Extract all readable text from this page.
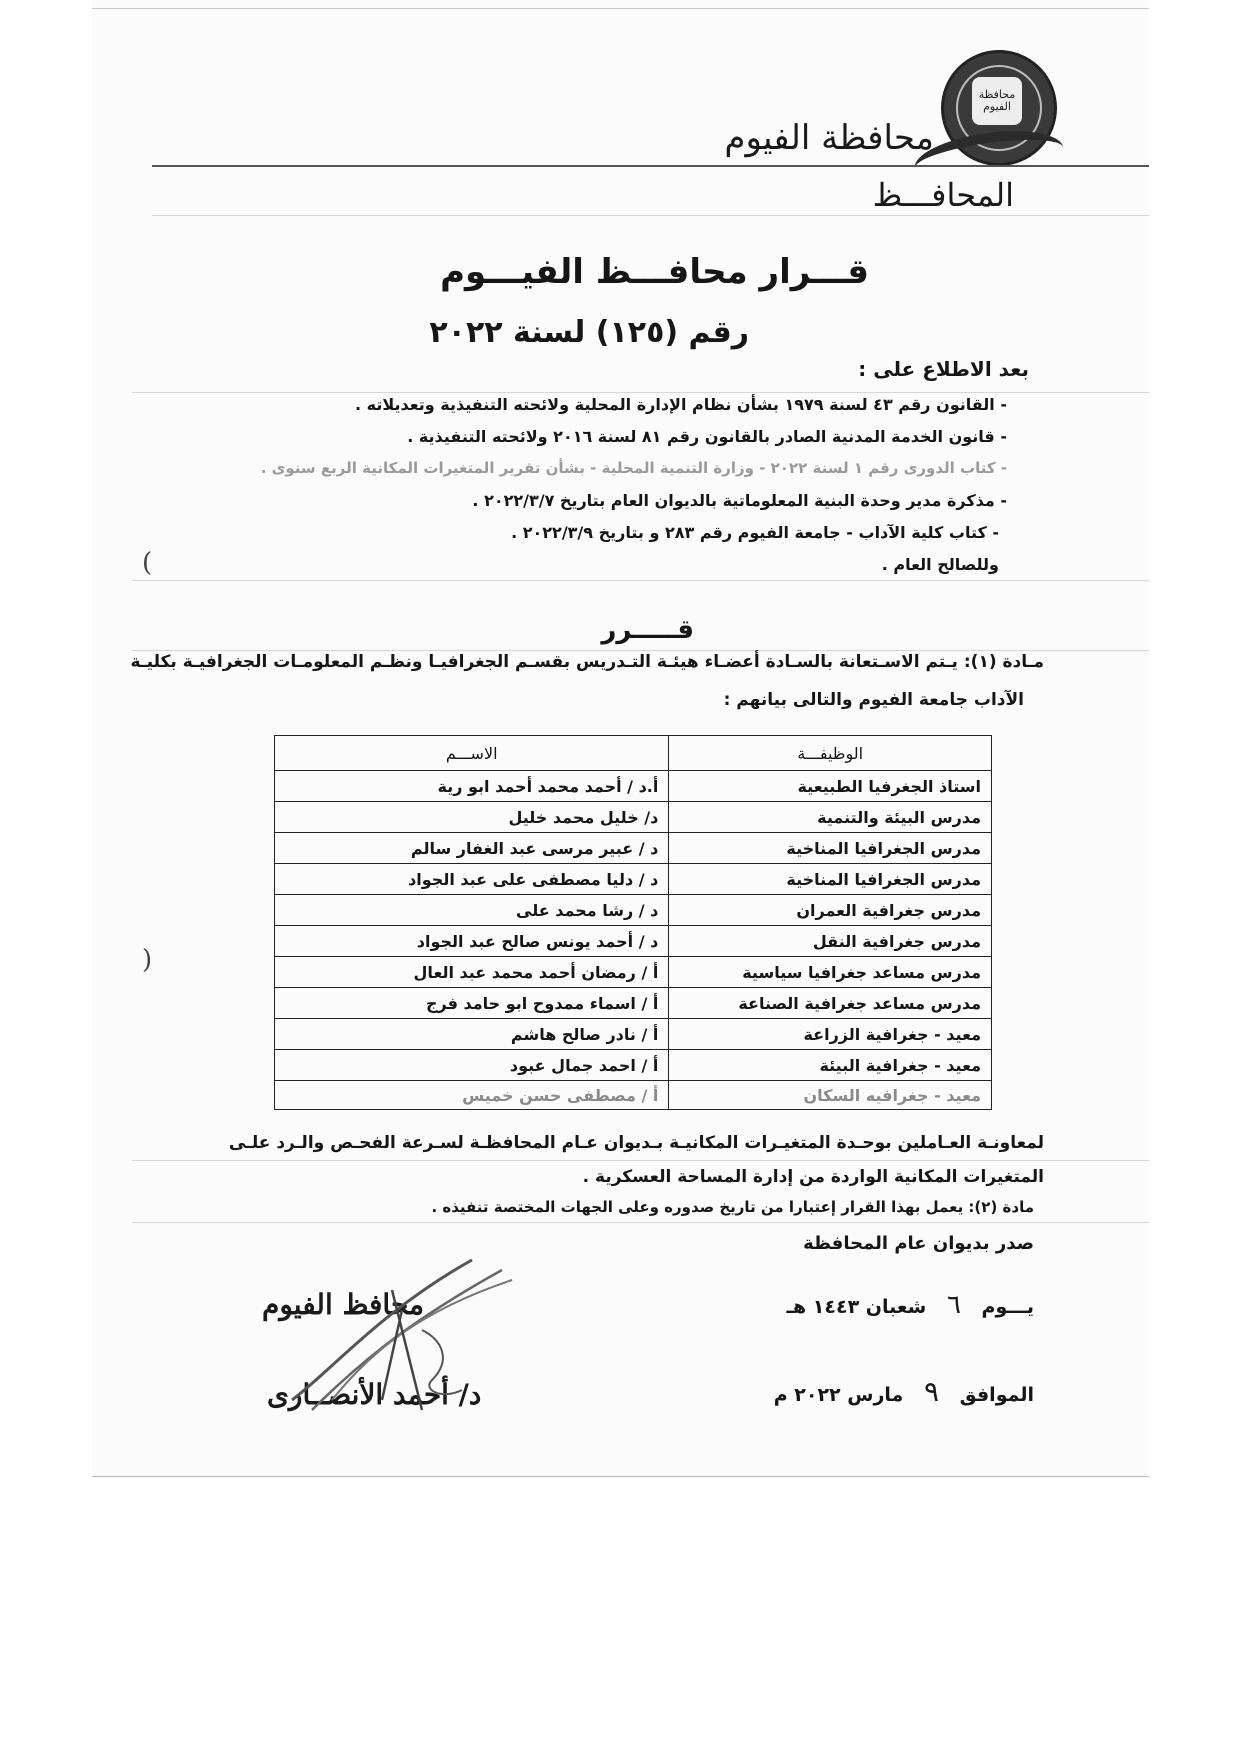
محافظة الفيوم
محافظة الفيوم
المحافـــظ
قـــرار محافـــظ الفيـــوم
رقم (١٢٥) لسنة ٢٠٢٢
بعد الاطلاع على :
- القانون رقم ٤٣ لسنة ١٩٧٩ بشأن نظام الإدارة المحلية ولائحته التنفيذية وتعديلاته .
- قانون الخدمة المدنية الصادر بالقانون رقم ٨١ لسنة ٢٠١٦ ولائحته التنفيذية .
- كتاب الدورى رقم ١ لسنة ٢٠٢٢ - وزارة التنمية المحلية - بشأن تقرير المتغيرات المكانية الربع سنوى .
- مذكرة مدير وحدة البنية المعلوماتية بالديوان العام بتاريخ ٢٠٢٢/٣/٧ .
- كتاب كلية الآداب - جامعة الفيوم رقم ٢٨٣ و بتاريخ ٢٠٢٢/٣/٩ .
وللصالح العام .
)
قـــــرر
مـادة (١): يـتم الاسـتعانة بالسـادة أعضـاء هيئـة التـدريس بقسـم الجغرافيـا ونظـم المعلومـات الجغرافيـة بكليـة
الآداب جامعة الفيوم والتالى بيانهم :
الوظيفـــة	الاســـم
استاذ الجغرفيا الطبيعية	أ.د / أحمد محمد أحمد ابو رية
مدرس البيئة والتنمية	د/ خليل محمد خليل
مدرس الجغرافيا المناخية	د / عبير مرسى عبد الغفار سالم
مدرس الجغرافيا المناخية	د / دليا مصطفى على عبد الجواد
مدرس جغرافية العمران	د / رشا محمد على
مدرس جغرافية النقل	د / أحمد يونس صالح عبد الجواد
مدرس مساعد جغرافيا سياسية	أ / رمضان أحمد محمد عبد العال
مدرس مساعد جغرافية الصناعة	أ / اسماء ممدوح ابو حامد فرج
معيد - جغرافية الزراعة	أ / نادر صالح هاشم
معيد - جغرافية البيئة	أ / احمد جمال عبود
معيد - جغرافيه السكان	أ / مصطفى حسن خميس
(
لمعاونـة العـاملين بوحـدة المتغيـرات المكانيـة بـديوان عـام المحافظـة لسـرعة الفحـص والـرد علـى
المتغيرات المكانية الواردة من إدارة المساحة العسكرية .
مادة (٢): يعمل بهذا القرار إعتبارا من تاريخ صدوره وعلى الجهات المختصة تنفيذه .
صدر بديوان عام المحافظة
يـــوم ٦ شعبان ١٤٤٣ هـ
الموافق ٩ مارس ٢٠٢٢ م
محافظ الفيوم
د/ أحمد الأنصــارى
